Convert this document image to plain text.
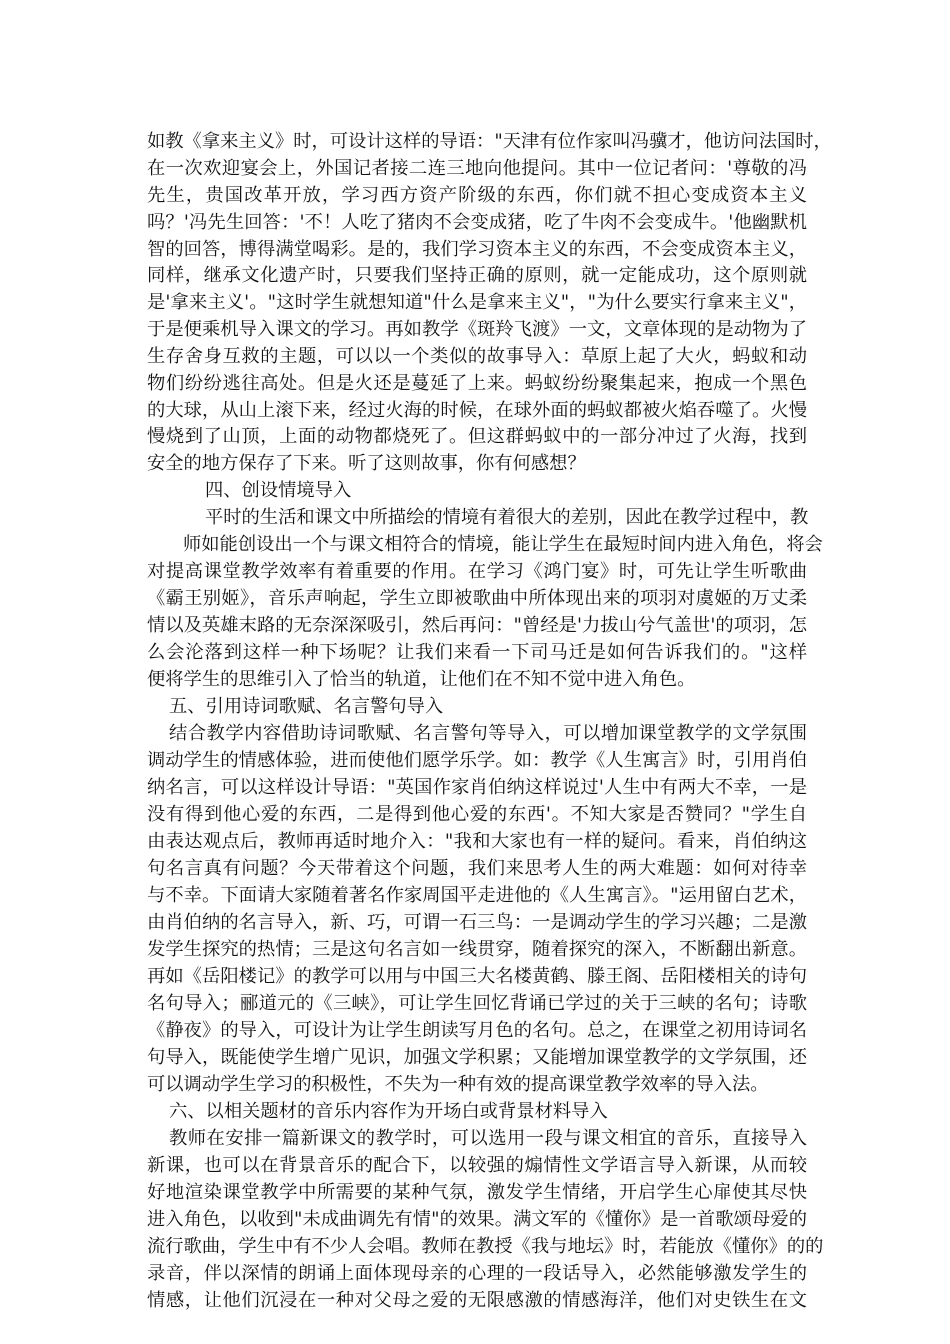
如教《拿来主义》时，可设计这样的导语："天津有位作家叫冯骥才，他访问法国时，
在一次欢迎宴会上，外国记者接二连三地向他提问。其中一位记者问：'尊敬的冯
先生，贵国改革开放，学习西方资产阶级的东西，你们就不担心变成资本主义
吗？'冯先生回答：'不！人吃了猪肉不会变成猪，吃了牛肉不会变成牛。'他幽默机
智的回答，博得满堂喝彩。是的，我们学习资本主义的东西，不会变成资本主义，
同样，继承文化遗产时，只要我们坚持正确的原则，就一定能成功，这个原则就
是'拿来主义'。"这时学生就想知道"什么是拿来主义"，"为什么要实行拿来主义"，
于是便乘机导入课文的学习。再如教学《斑羚飞渡》一文，文章体现的是动物为了
生存舍身互救的主题，可以以一个类似的故事导入：草原上起了大火，蚂蚁和动
物们纷纷逃往高处。但是火还是蔓延了上来。蚂蚁纷纷聚集起来，抱成一个黑色
的大球，从山上滚下来，经过火海的时候，在球外面的蚂蚁都被火焰吞噬了。火慢
慢烧到了山顶，上面的动物都烧死了。但这群蚂蚁中的一部分冲过了火海，找到
安全的地方保存了下来。听了这则故事，你有何感想？
四、创设情境导入
平时的生活和课文中所描绘的情境有着很大的差别，因此在教学过程中，教
师如能创设出一个与课文相符合的情境，能让学生在最短时间内进入角色，将会
对提高课堂教学效率有着重要的作用。在学习《鸿门宴》时，可先让学生听歌曲
《霸王别姬》，音乐声响起，学生立即被歌曲中所体现出来的项羽对虞姬的万丈柔
情以及英雄末路的无奈深深吸引，然后再问："曾经是'力拔山兮气盖世'的项羽，怎
么会沦落到这样一种下场呢？让我们来看一下司马迁是如何告诉我们的。"这样
便将学生的思维引入了恰当的轨道，让他们在不知不觉中进入角色。
五、引用诗词歌赋、名言警句导入
结合教学内容借助诗词歌赋、名言警句等导入，可以增加课堂教学的文学氛围
调动学生的情感体验，进而使他们愿学乐学。如：教学《人生寓言》时，引用肖伯
纳名言，可以这样设计导语："英国作家肖伯纳这样说过'人生中有两大不幸，一是
没有得到他心爱的东西，二是得到他心爱的东西'。不知大家是否赞同？"学生自
由表达观点后，教师再适时地介入："我和大家也有一样的疑问。看来，肖伯纳这
句名言真有问题？今天带着这个问题，我们来思考人生的两大难题：如何对待幸
与不幸。下面请大家随着著名作家周国平走进他的《人生寓言》。"运用留白艺术，
由肖伯纳的名言导入，新、巧，可谓一石三鸟：一是调动学生的学习兴趣；二是激
发学生探究的热情；三是这句名言如一线贯穿，随着探究的深入，不断翻出新意。
再如《岳阳楼记》的教学可以用与中国三大名楼黄鹤、滕王阁、岳阳楼相关的诗句
名句导入；郦道元的《三峡》，可让学生回忆背诵已学过的关于三峡的名句；诗歌
《静夜》的导入，可设计为让学生朗读写月色的名句。总之，在课堂之初用诗词名
句导入，既能使学生增广见识，加强文学积累；又能增加课堂教学的文学氛围，还
可以调动学生学习的积极性，不失为一种有效的提高课堂教学效率的导入法。
六、以相关题材的音乐内容作为开场白或背景材料导入
教师在安排一篇新课文的教学时，可以选用一段与课文相宜的音乐，直接导入
新课，也可以在背景音乐的配合下，以较强的煽情性文学语言导入新课，从而较
好地渲染课堂教学中所需要的某种气氛，激发学生情绪，开启学生心扉使其尽快
进入角色，以收到"未成曲调先有情"的效果。满文军的《懂你》是一首歌颂母爱的
流行歌曲，学生中有不少人会唱。教师在教授《我与地坛》时，若能放《懂你》的的
录音，伴以深情的朗诵上面体现母亲的心理的一段话导入，必然能够激发学生的
情感，让他们沉浸在一种对父母之爱的无限感激的情感海洋，他们对史铁生在文
